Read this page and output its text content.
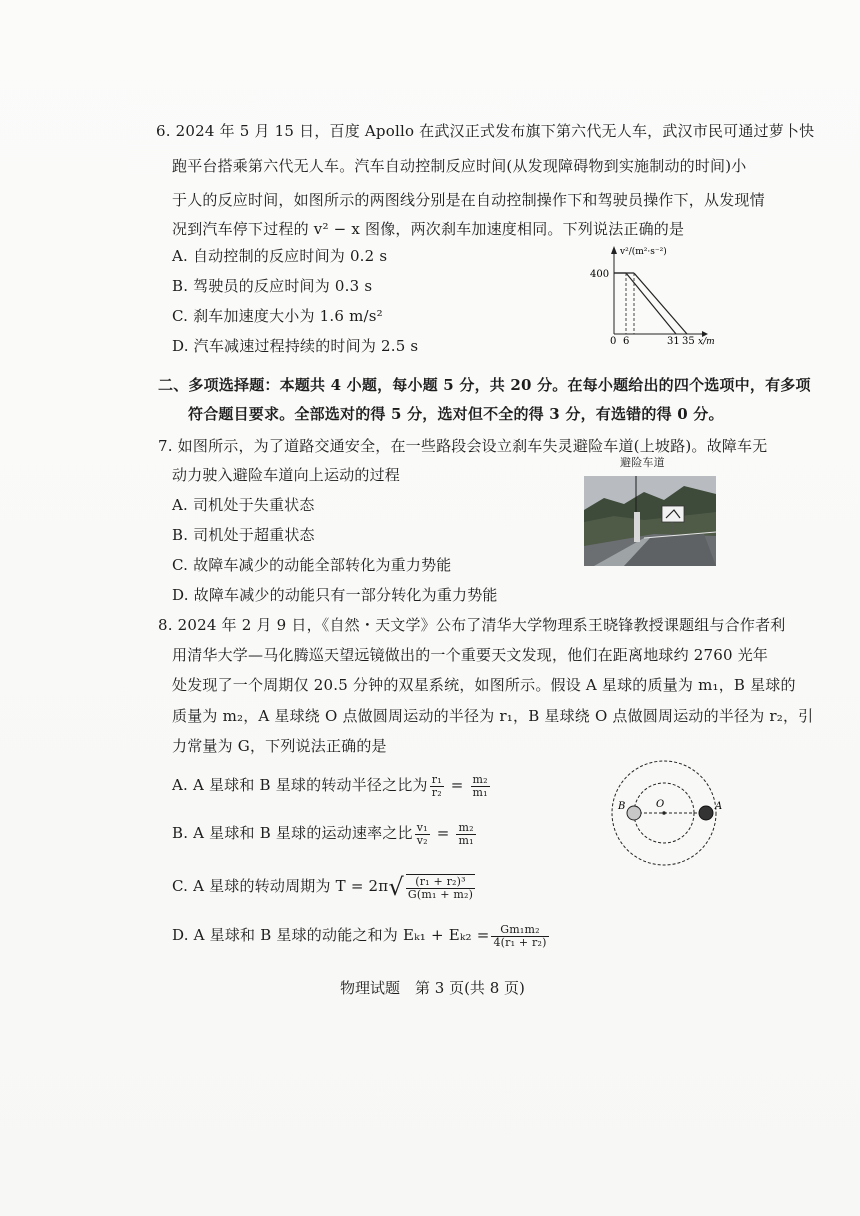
6. 2024 年 5 月 15 日，百度 Apollo 在武汉正式发布旗下第六代无人车，武汉市民可通过萝卜快
跑平台搭乘第六代无人车。汽车自动控制反应时间(从发现障碍物到实施制动的时间)小
于人的反应时间，如图所示的两图线分别是在自动控制操作下和驾驶员操作下，从发现情
况到汽车停下过程的 v² − x 图像，两次刹车加速度相同。下列说法正确的是
A. 自动控制的反应时间为 0.2 s
B. 驾驶员的反应时间为 0.3 s
C. 刹车加速度大小为 1.6 m/s²
D. 汽车减速过程持续的时间为 2.5 s
v²/(m²·s⁻²)
x/m
400
0 6	31 35
二、多项选择题：本题共 4 小题，每小题 5 分，共 20 分。在每小题给出的四个选项中，有多项
符合题目要求。全部选对的得 5 分，选对但不全的得 3 分，有选错的得 0 分。
7. 如图所示，为了道路交通安全，在一些路段会设立刹车失灵避险车道(上坡路)。故障车无
动力驶入避险车道向上运动的过程
A. 司机处于失重状态
B. 司机处于超重状态
C. 故障车减少的动能全部转化为重力势能
D. 故障车减少的动能只有一部分转化为重力势能
避险车道
8. 2024 年 2 月 9 日，《自然・天文学》公布了清华大学物理系王晓锋教授课题组与合作者利
用清华大学—马化腾巡天望远镜做出的一个重要天文发现，他们在距离地球约 2760 光年
处发现了一个周期仅 20.5 分钟的双星系统，如图所示。假设 A 星球的质量为 m₁，B 星球的
质量为 m₂，A 星球绕 O 点做圆周运动的半径为 r₁，B 星球绕 O 点做圆周运动的半径为 r₂，引
力常量为 G，下列说法正确的是
A. A 星球和 B 星球的转动半径之比为 $\frac{\text{r₁}}{\text{r₂}} = \frac{\text{m₂}}{\text{m₁}}$
B. A 星球和 B 星球的运动速率之比 $\frac{\text{v₁}}{\text{v₂}} = \frac{\text{m₂}}{\text{m₁}}$
C. A 星球的转动周期为 $T = 2\pi√ \frac{\text{(r₁ + r₂)³}}{\text{G(m₁ + m₂)}}$
D. A 星球和 B 星球的动能之和为 $E_{k1} + E_{k2} = \frac{\text{Gm₁m₂}}{\text{4(r₁ + r₂)}}$
B	O	A
物理试题　第 3 页(共 8 页)
